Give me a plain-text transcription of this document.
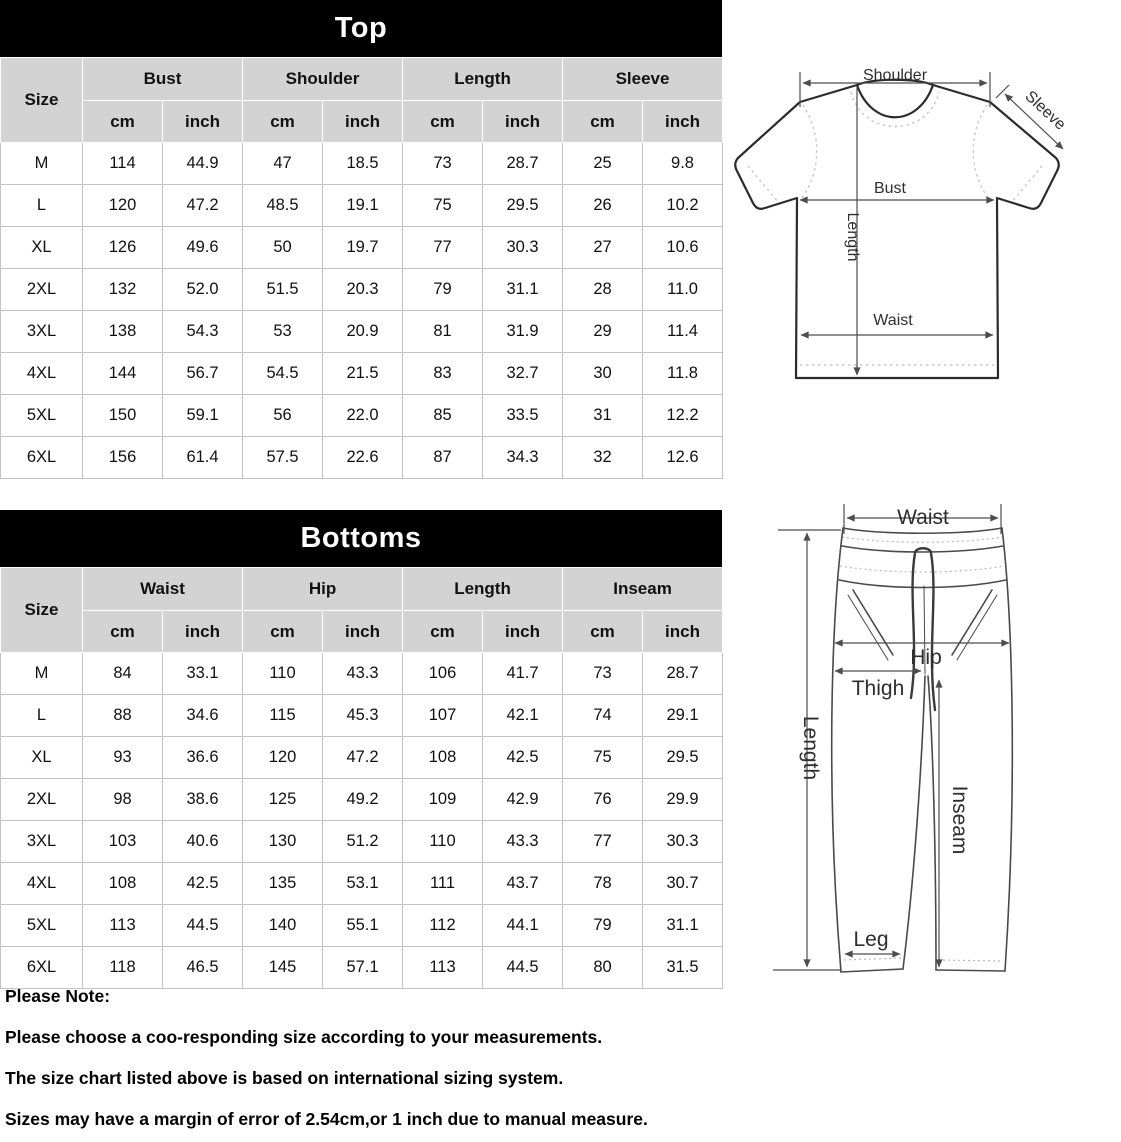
Top
Size	Bust		Shoulder		Length		Sleeve	
	cm	inch	cm	inch	cm	inch	cm	inch
M	114	44.9	47	18.5	73	28.7	25	9.8
L	120	47.2	48.5	19.1	75	29.5	26	10.2
XL	126	49.6	50	19.7	77	30.3	27	10.6
2XL	132	52.0	51.5	20.3	79	31.1	28	11.0
3XL	138	54.3	53	20.9	81	31.9	29	11.4
4XL	144	56.7	54.5	21.5	83	32.7	30	11.8
5XL	150	59.1	56	22.0	85	33.5	31	12.2
6XL	156	61.4	57.5	22.6	87	34.3	32	12.6
Shoulder
Sleeve
Bust
Length
Waist
Bottoms
Size	Waist		Hip		Length		Inseam	
	cm	inch	cm	inch	cm	inch	cm	inch
M	84	33.1	110	43.3	106	41.7	73	28.7
L	88	34.6	115	45.3	107	42.1	74	29.1
XL	93	36.6	120	47.2	108	42.5	75	29.5
2XL	98	38.6	125	49.2	109	42.9	76	29.9
3XL	103	40.6	130	51.2	110	43.3	77	30.3
4XL	108	42.5	135	53.1	111	43.7	78	30.7
5XL	113	44.5	140	55.1	112	44.1	79	31.1
6XL	118	46.5	145	57.1	113	44.5	80	31.5
Waist
Length
Hip
Thigh
Inseam
Leg

Please Note:

Please choose a coo-responding size according to your measurements.

The size chart listed above is based on international sizing system.

Sizes may have a margin of error of 2.54cm,or 1 inch due to manual measure.
